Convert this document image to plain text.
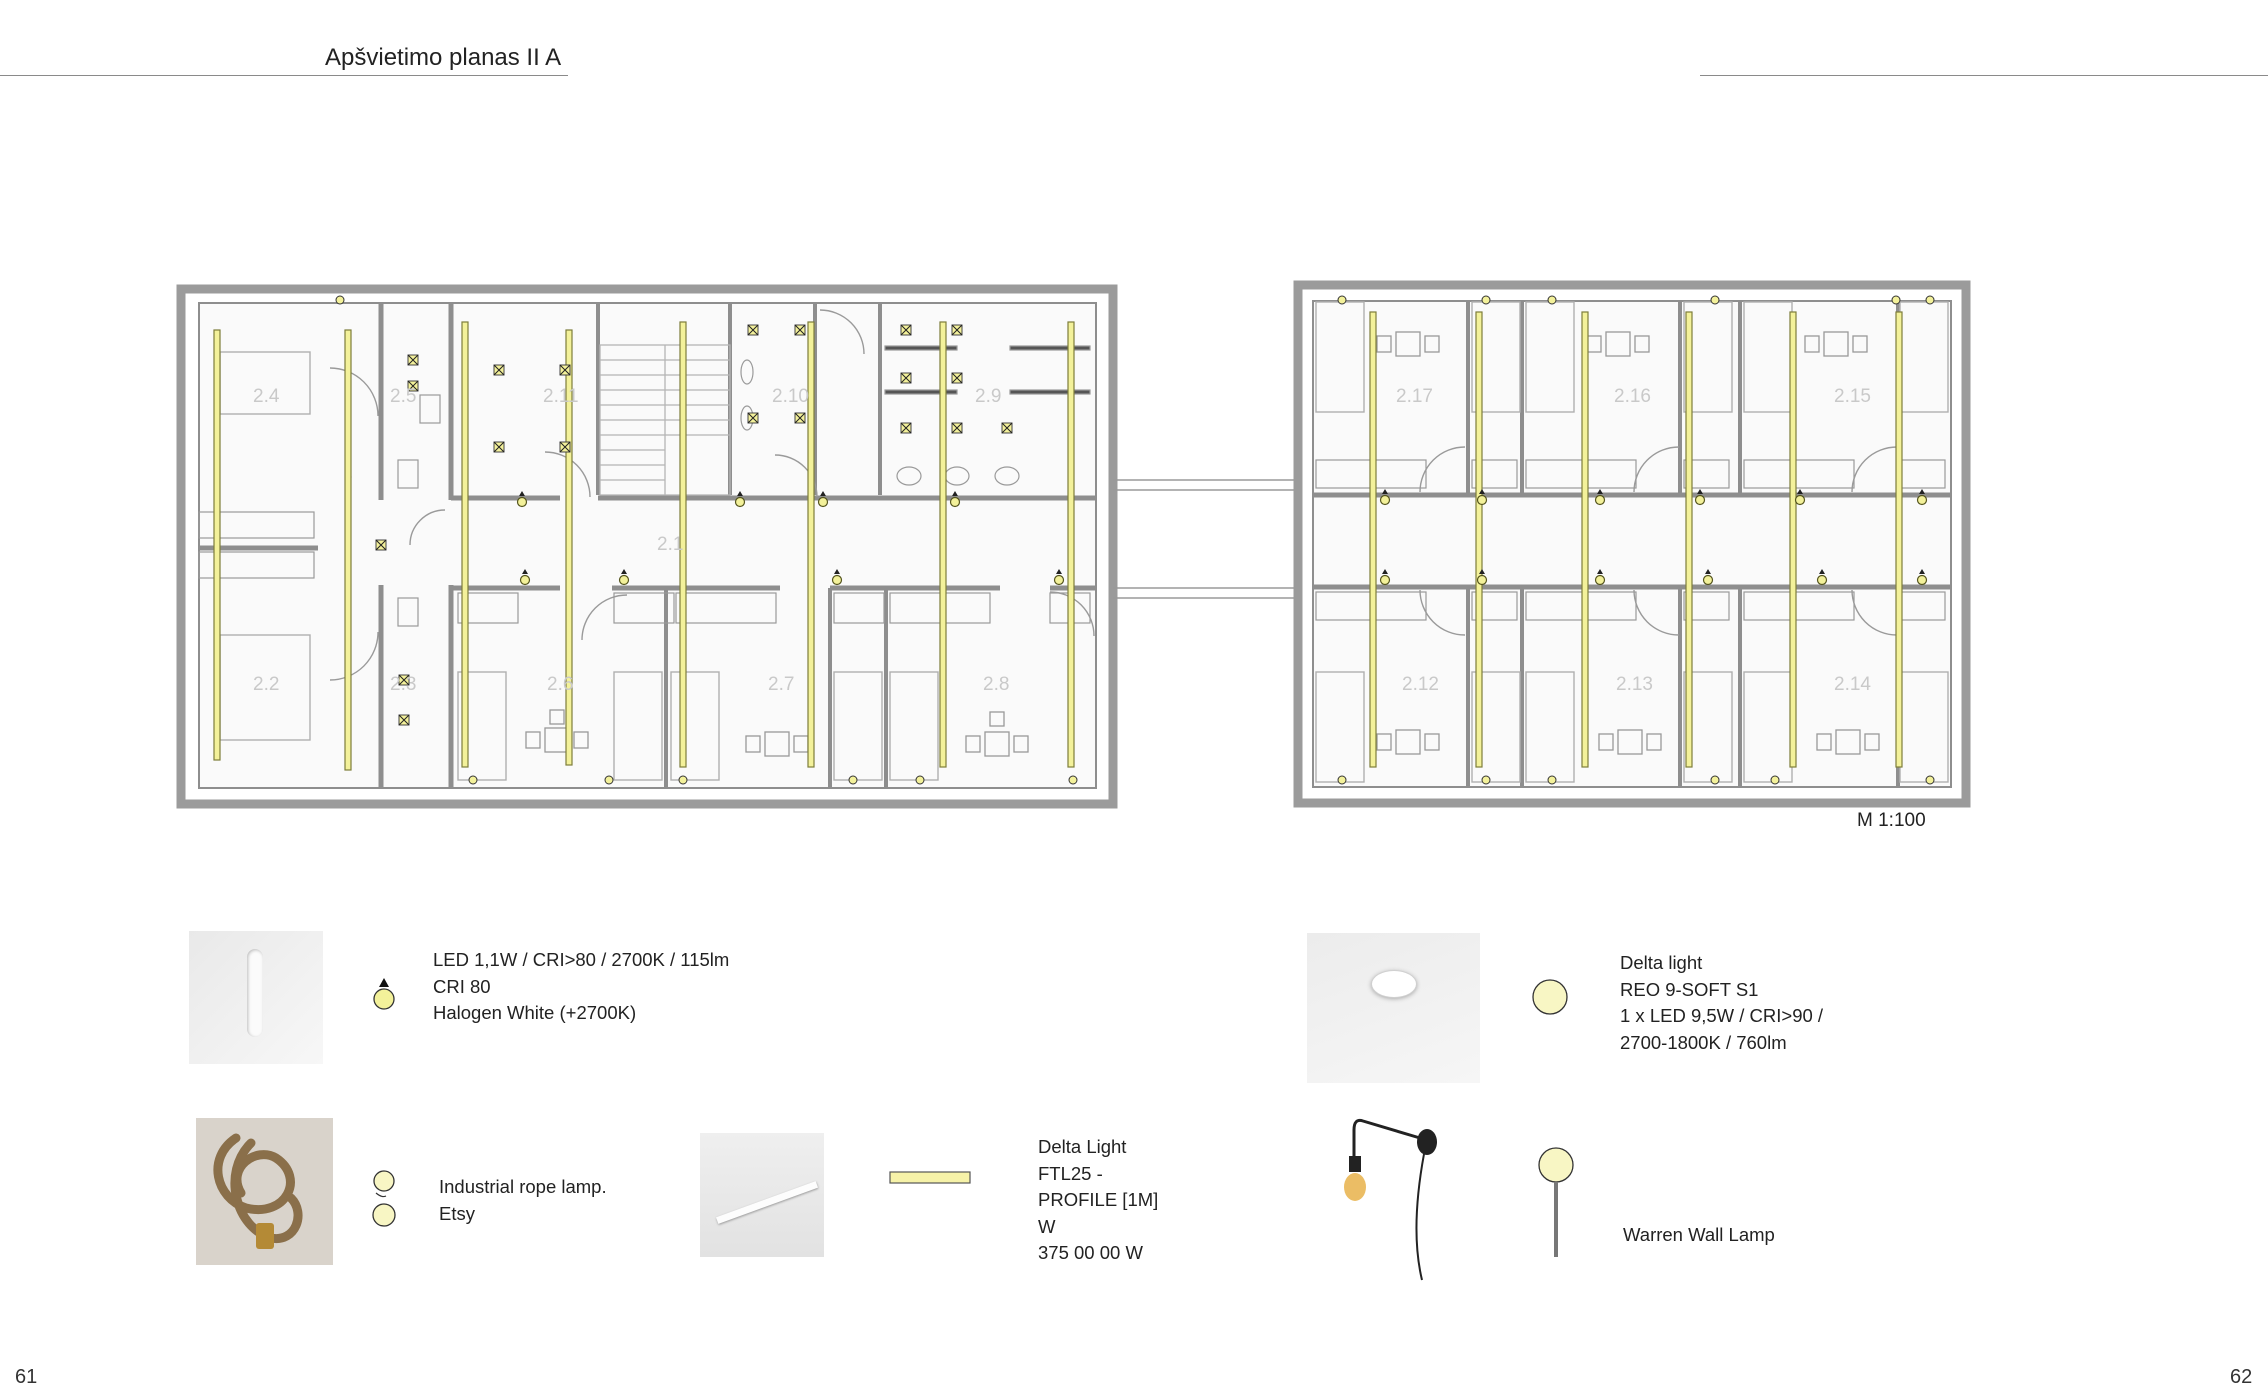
Apšvietimo planas II A
2.4	2.5	2.11	2.10	2.9
2.1
2.2	2.3	2.6	2.7	2.8
2.17	2.16	2.15
2.12	2.13	2.14
M 1:100
LED 1,1W / CRI>80 / 2700K / 115lm
CRI 80
Halogen White (+2700K)
Delta light
REO 9-SOFT S1
1 x LED 9,5W / CRI>90 /
2700-1800K / 760lm
Industrial rope lamp.
Etsy
Delta Light
FTL25 -
PROFILE [1M]
W
375 00 00 W
Warren Wall Lamp
61	62
